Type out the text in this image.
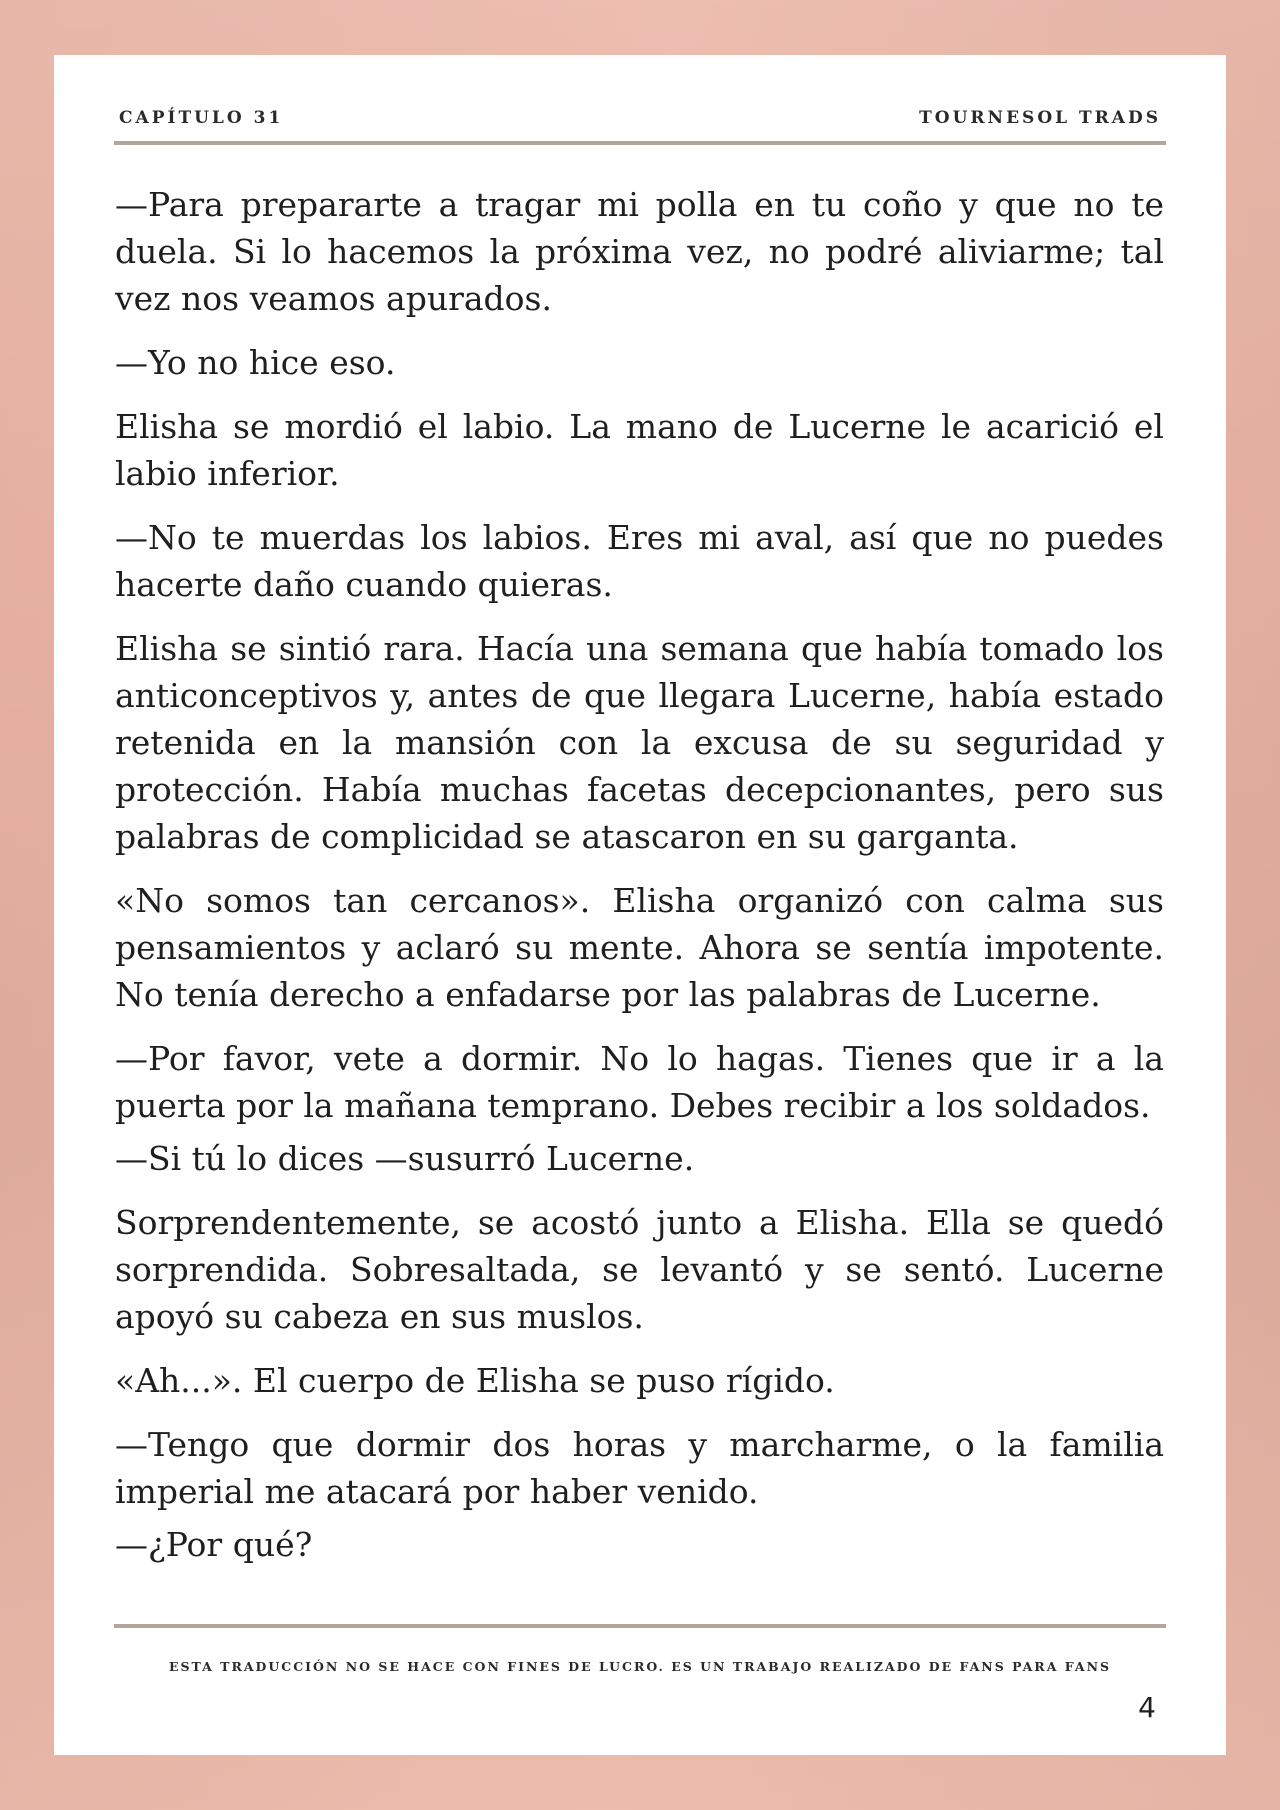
CAPÍTULO 31	TOURNESOL TRADS

—Para prepararte a tragar mi polla en tu coño y que no te duela. Si lo hacemos la próxima vez, no podré aliviarme; tal vez nos veamos apurados.

—Yo no hice eso.

Elisha se mordió el labio. La mano de Lucerne le acarició el labio inferior.

—No te muerdas los labios. Eres mi aval, así que no puedes hacerte daño cuando quieras.

Elisha se sintió rara. Hacía una semana que había tomado los anticonceptivos y, antes de que llegara Lucerne, había estado retenida en la mansión con la excusa de su seguridad y protección. Había muchas facetas decepcionantes, pero sus palabras de complicidad se atascaron en su garganta.

«No somos tan cercanos». Elisha organizó con calma sus pensamientos y aclaró su mente. Ahora se sentía impotente. No tenía derecho a enfadarse por las palabras de Lucerne.

—Por favor, vete a dormir. No lo hagas. Tienes que ir a la puerta por la mañana temprano. Debes recibir a los soldados.

—Si tú lo dices —susurró Lucerne.

Sorprendentemente, se acostó junto a Elisha. Ella se quedó sorprendida. Sobresaltada, se levantó y se sentó. Lucerne apoyó su cabeza en sus muslos.

«Ah...». El cuerpo de Elisha se puso rígido.

—Tengo que dormir dos horas y marcharme, o la familia imperial me atacará por haber venido.

—¿Por qué?

ESTA TRADUCCIÓN NO SE HACE CON FINES DE LUCRO. ES UN TRABAJO REALIZADO DE FANS PARA FANS
4
